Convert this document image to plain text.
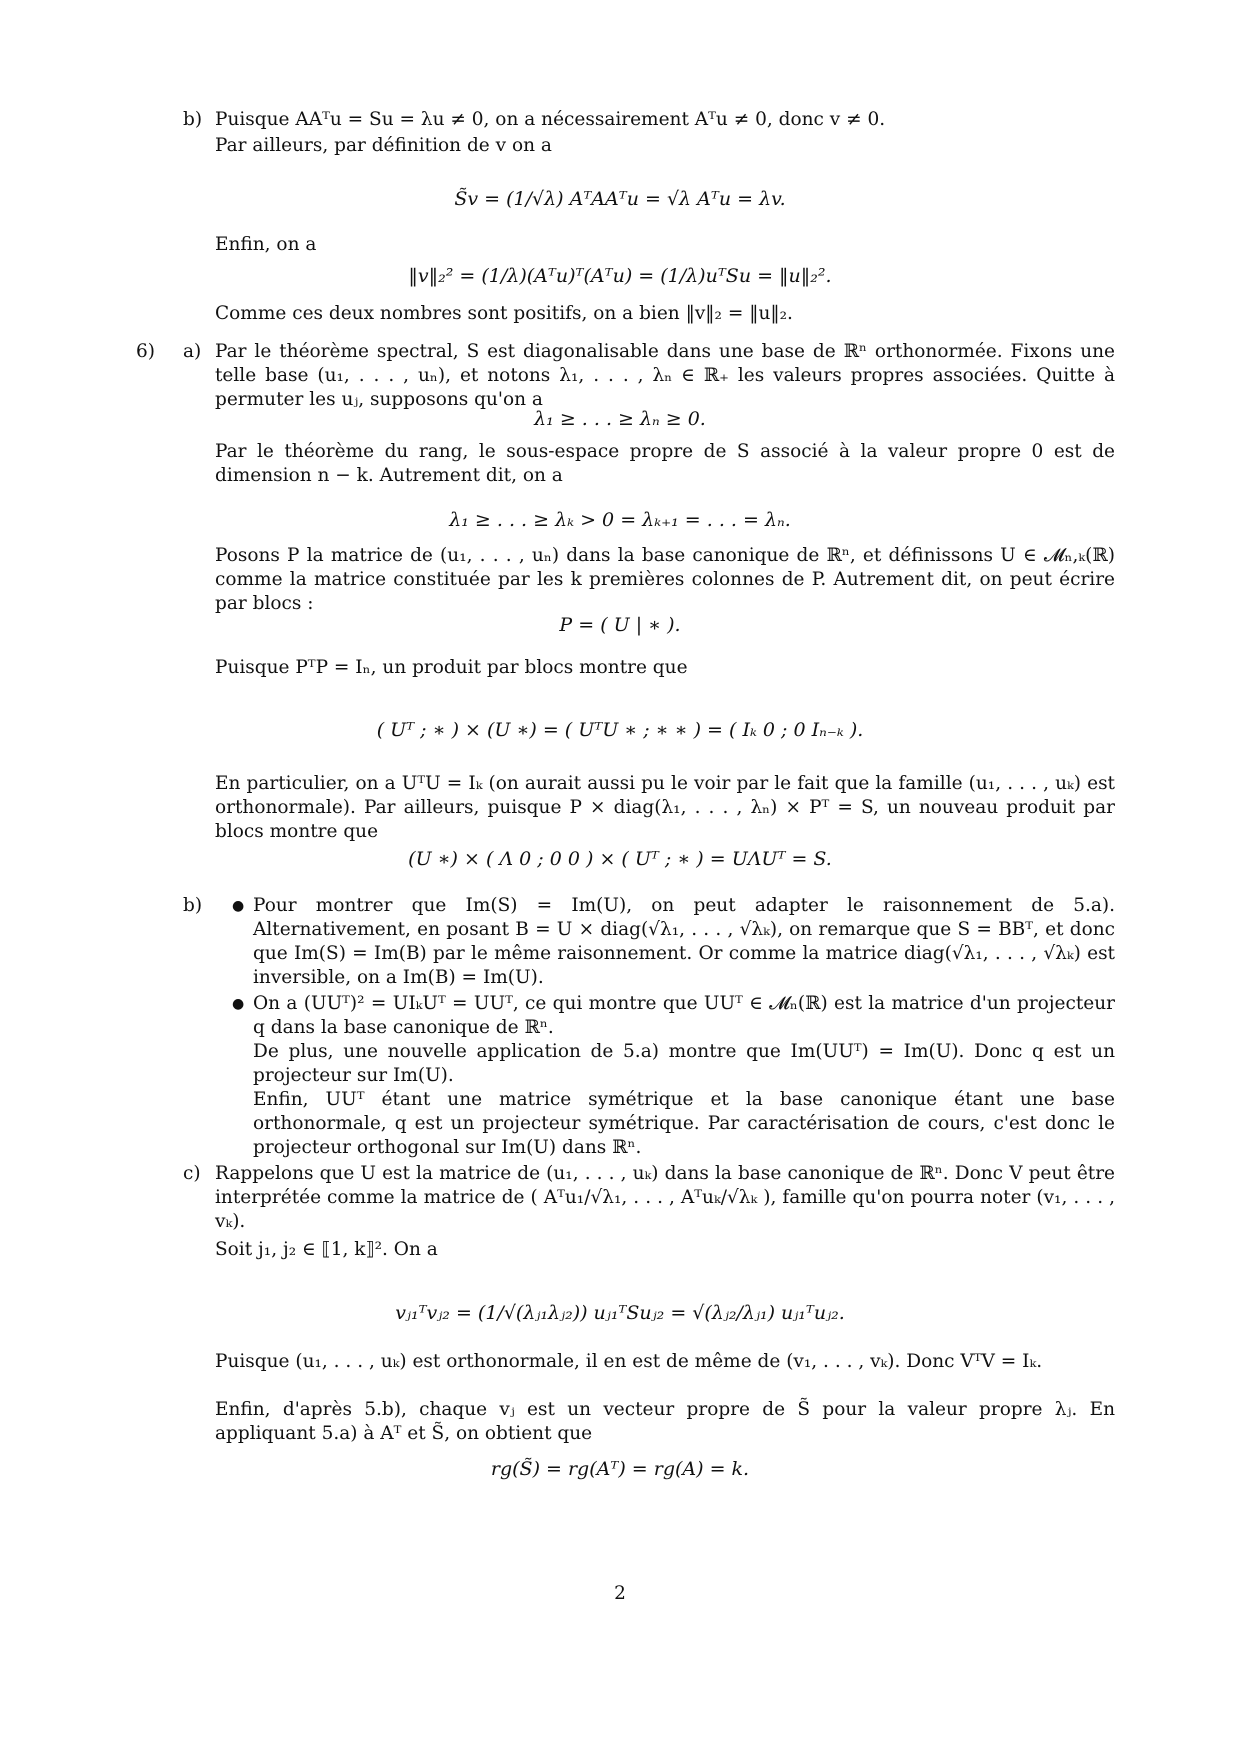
b) Puisque AAᵀu = Su = λu ≠ 0, on a nécessairement Aᵀu ≠ 0, donc v ≠ 0.
Par ailleurs, par définition de v on a
S̃v = (1/√λ) AᵀAAᵀu = √λ Aᵀu = λv.
Enfin, on a
‖v‖₂² = (1/λ)(Aᵀu)ᵀ(Aᵀu) = (1/λ)uᵀSu = ‖u‖₂².
Comme ces deux nombres sont positifs, on a bien ‖v‖₂ = ‖u‖₂.
6) a) Par le théorème spectral, S est diagonalisable dans une base de ℝⁿ orthonormée. Fixons une telle base (u₁, . . . , uₙ), et notons λ₁, . . . , λₙ ∈ ℝ₊ les valeurs propres associées. Quitte à permuter les uⱼ, supposons qu'on a
λ₁ ≥ . . . ≥ λₙ ≥ 0.
Par le théorème du rang, le sous-espace propre de S associé à la valeur propre 0 est de dimension n − k. Autrement dit, on a
λ₁ ≥ . . . ≥ λₖ > 0 = λₖ₊₁ = . . . = λₙ.
Posons P la matrice de (u₁, . . . , uₙ) dans la base canonique de ℝⁿ, et définissons U ∈ 𝓜ₙ,ₖ(ℝ) comme la matrice constituée par les k premières colonnes de P. Autrement dit, on peut écrire par blocs :
P = ( U | ∗ ).
Puisque PᵀP = Iₙ, un produit par blocs montre que
( Uᵀ ; ∗ ) × (U ∗) = ( UᵀU ∗ ; ∗ ∗ ) = ( Iₖ 0 ; 0 Iₙ₋ₖ ).
En particulier, on a UᵀU = Iₖ (on aurait aussi pu le voir par le fait que la famille (u₁, . . . , uₖ) est orthonormale). Par ailleurs, puisque P × diag(λ₁, . . . , λₙ) × Pᵀ = S, un nouveau produit par blocs montre que
(U ∗) × ( Λ 0 ; 0 0 ) × ( Uᵀ ; ∗ ) = UΛUᵀ = S.
b) ● Pour montrer que Im(S) = Im(U), on peut adapter le raisonnement de 5.a). Alternativement, en posant B = U × diag(√λ₁, . . . , √λₖ), on remarque que S = BBᵀ, et donc que Im(S) = Im(B) par le même raisonnement. Or comme la matrice diag(√λ₁, . . . , √λₖ) est inversible, on a Im(B) = Im(U).
● On a (UUᵀ)² = UIₖUᵀ = UUᵀ, ce qui montre que UUᵀ ∈ 𝓜ₙ(ℝ) est la matrice d'un projecteur q dans la base canonique de ℝⁿ.
De plus, une nouvelle application de 5.a) montre que Im(UUᵀ) = Im(U). Donc q est un projecteur sur Im(U).
Enfin, UUᵀ étant une matrice symétrique et la base canonique étant une base orthonormale, q est un projecteur symétrique. Par caractérisation de cours, c'est donc le projecteur orthogonal sur Im(U) dans ℝⁿ.
c) Rappelons que U est la matrice de (u₁, . . . , uₖ) dans la base canonique de ℝⁿ. Donc V peut être interprétée comme la matrice de ( Aᵀu₁/√λ₁, . . . , Aᵀuₖ/√λₖ ), famille qu'on pourra noter (v₁, . . . , vₖ).
Soit j₁, j₂ ∈ ⟦1, k⟧². On a
vⱼ₁ᵀvⱼ₂ = (1/√(λⱼ₁λⱼ₂)) uⱼ₁ᵀSuⱼ₂ = √(λⱼ₂/λⱼ₁) uⱼ₁ᵀuⱼ₂.
Puisque (u₁, . . . , uₖ) est orthonormale, il en est de même de (v₁, . . . , vₖ). Donc VᵀV = Iₖ.
Enfin, d'après 5.b), chaque vⱼ est un vecteur propre de S̃ pour la valeur propre λⱼ. En appliquant 5.a) à Aᵀ et S̃, on obtient que
rg(S̃) = rg(Aᵀ) = rg(A) = k.
2
